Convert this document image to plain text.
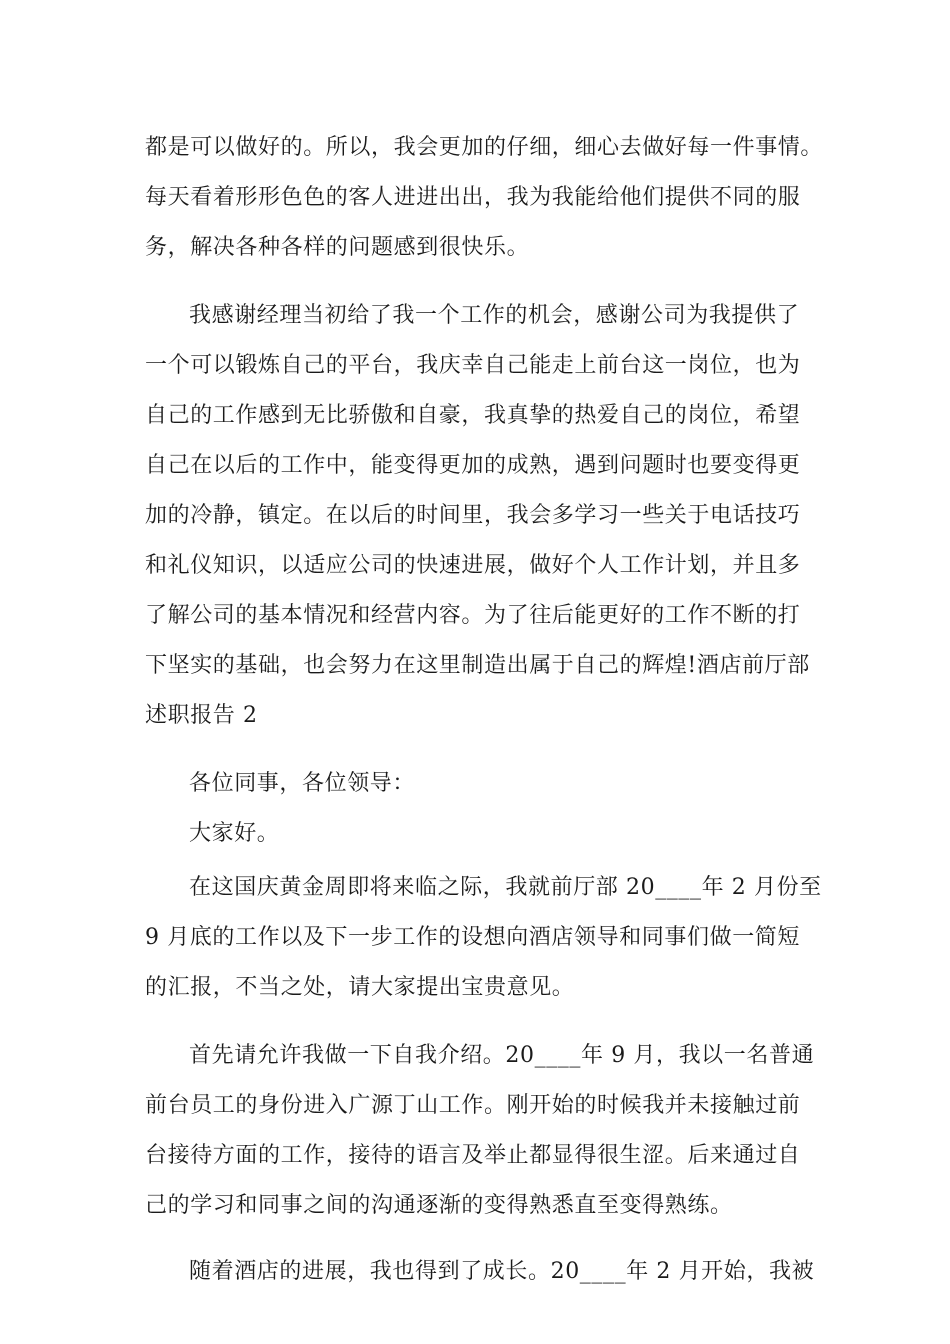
都是可以做好的。所以，我会更加的仔细，细心去做好每一件事情。
每天看着形形色色的客人进进出出，我为我能给他们提供不同的服
务，解决各种各样的问题感到很快乐。
我感谢经理当初给了我一个工作的机会，感谢公司为我提供了
一个可以锻炼自己的平台，我庆幸自己能走上前台这一岗位，也为
自己的工作感到无比骄傲和自豪，我真挚的热爱自己的岗位，希望
自己在以后的工作中，能变得更加的成熟，遇到问题时也要变得更
加的冷静，镇定。在以后的时间里，我会多学习一些关于电话技巧
和礼仪知识，以适应公司的快速进展，做好个人工作计划，并且多
了解公司的基本情况和经营内容。为了往后能更好的工作不断的打
下坚实的基础，也会努力在这里制造出属于自己的辉煌!酒店前厅部
述职报告 2
各位同事，各位领导：
大家好。
在这国庆黄金周即将来临之际，我就前厅部 20____年 2 月份至
9 月底的工作以及下一步工作的设想向酒店领导和同事们做一简短
的汇报，不当之处，请大家提出宝贵意见。
首先请允许我做一下自我介绍。20____年 9 月，我以一名普通
前台员工的身份进入广源丁山工作。刚开始的时候我并未接触过前
台接待方面的工作，接待的语言及举止都显得很生涩。后来通过自
己的学习和同事之间的沟通逐渐的变得熟悉直至变得熟练。
随着酒店的进展，我也得到了成长。20____年 2 月开始，我被
